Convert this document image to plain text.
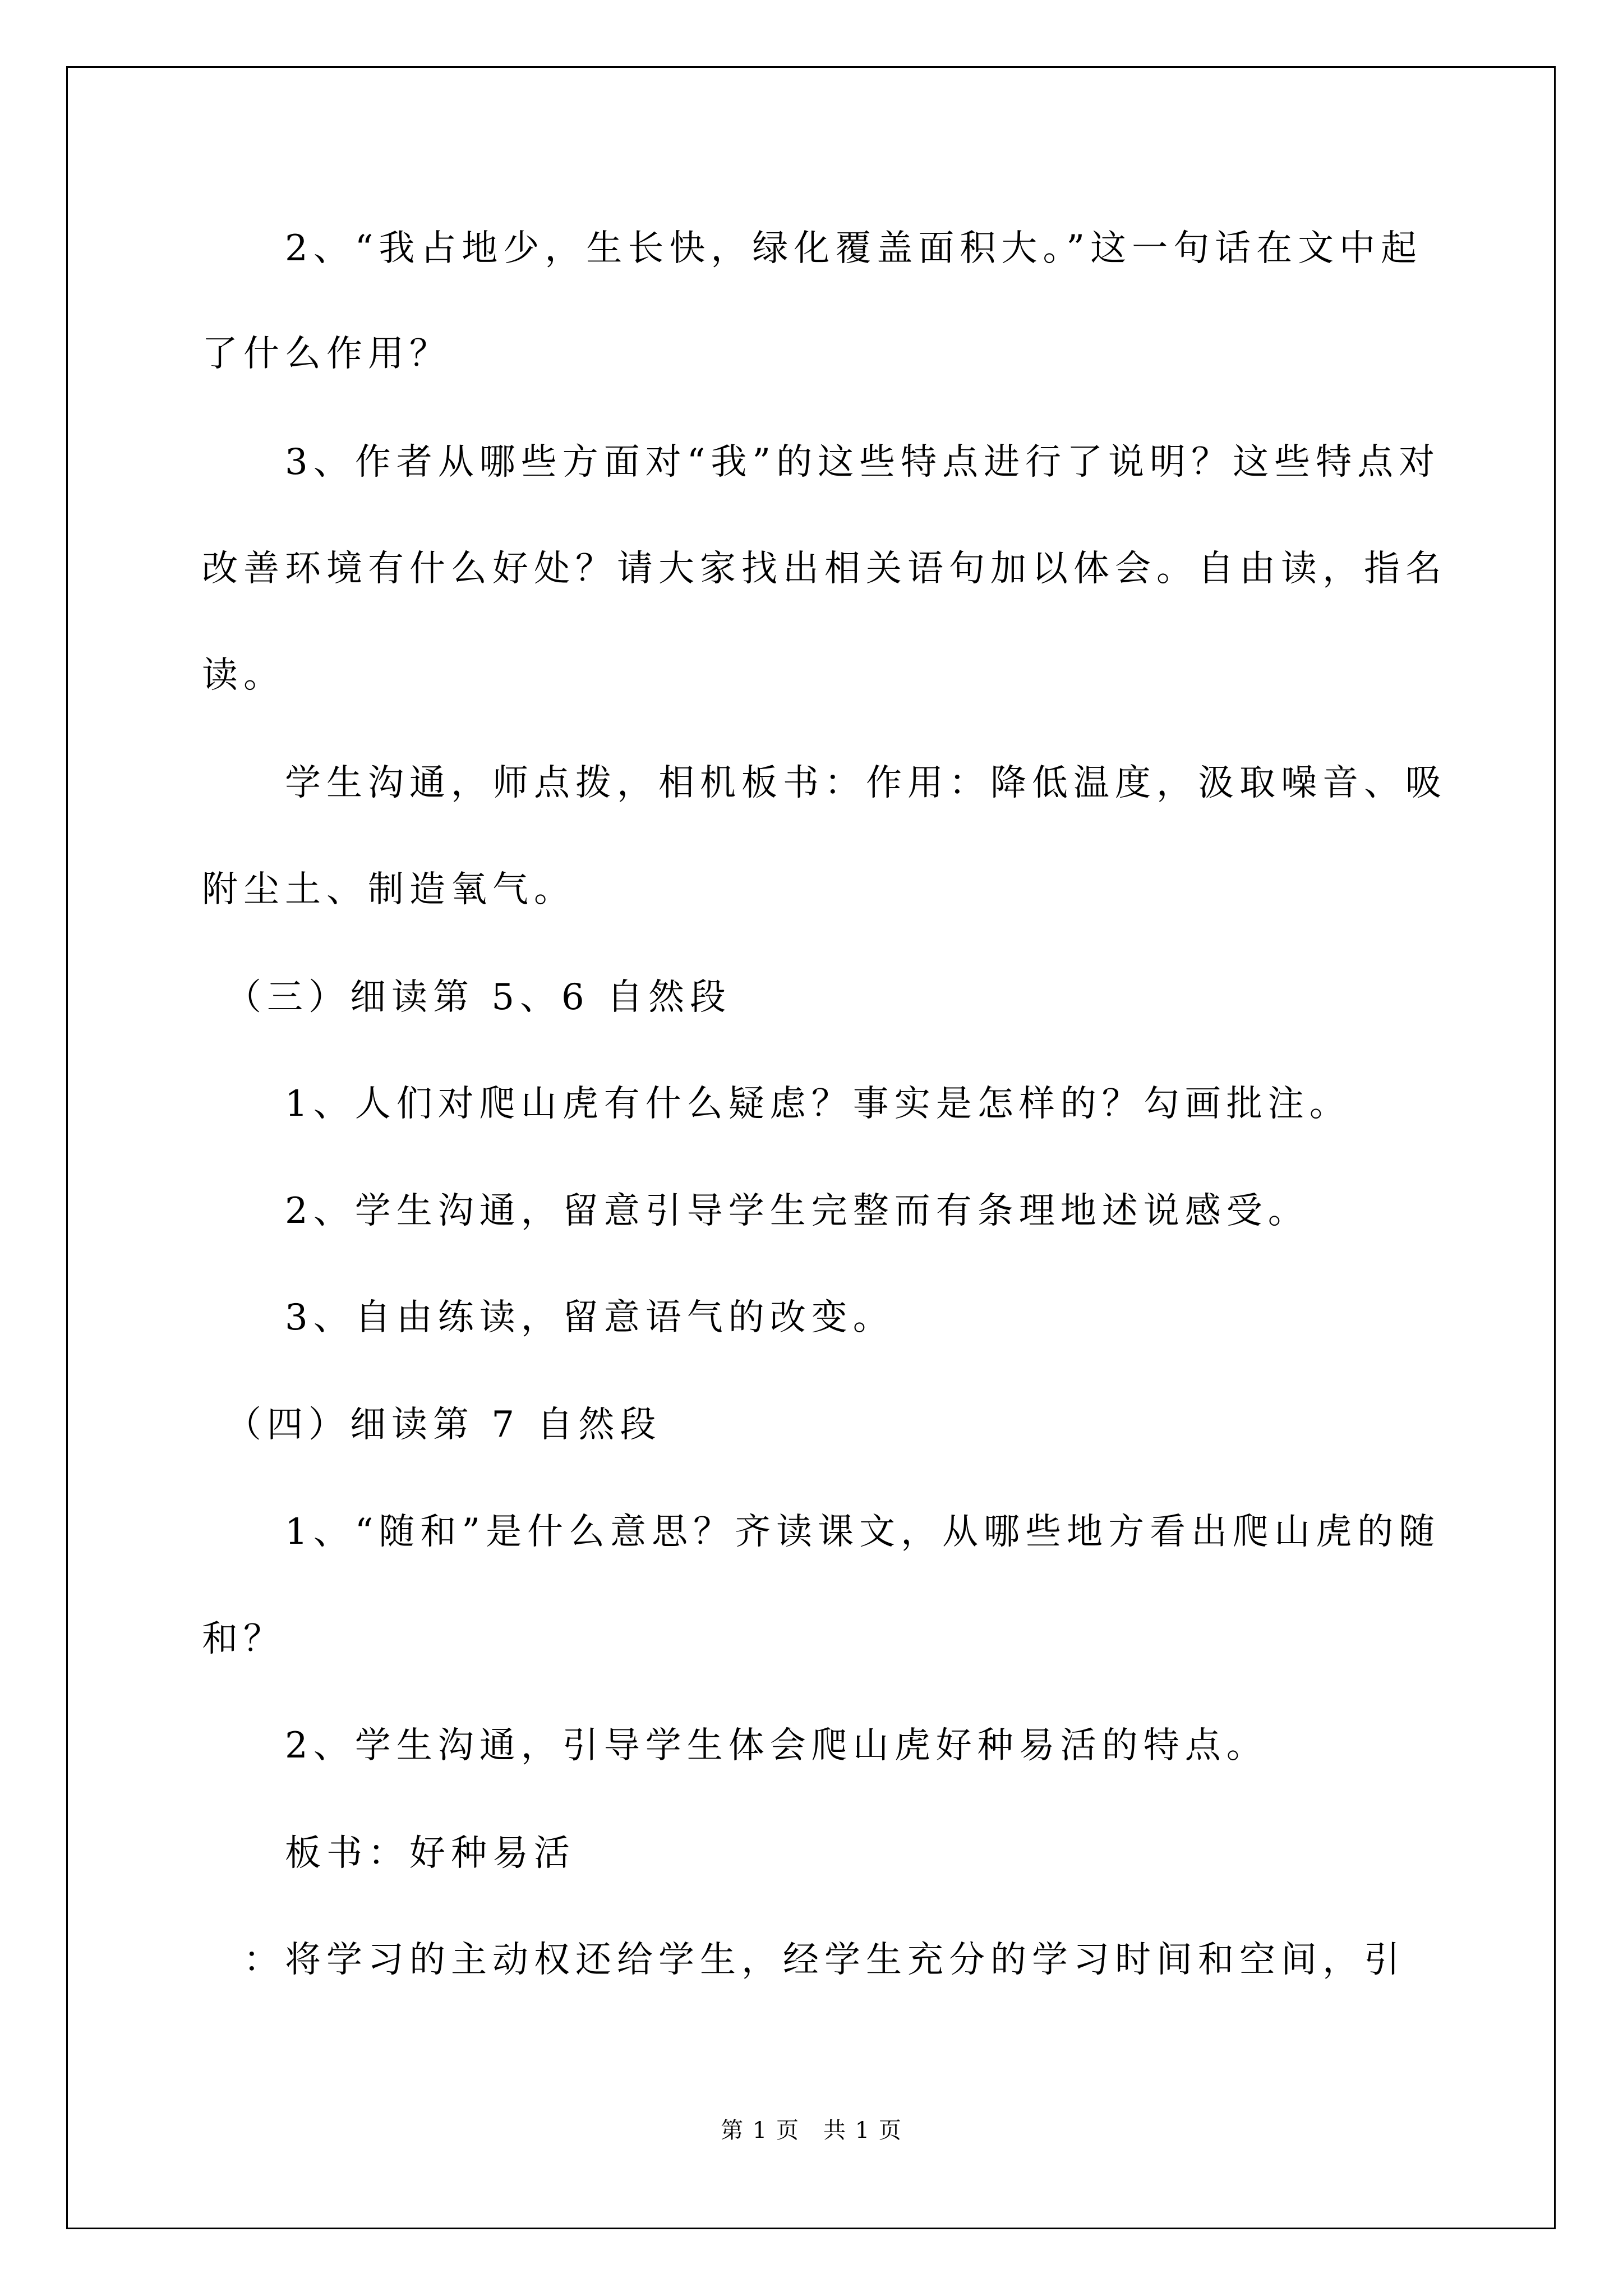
　　2、“我占地少，生长快，绿化覆盖面积大。”这一句话在文中起

了什么作用？

　　3、作者从哪些方面对“我”的这些特点进行了说明？这些特点对

改善环境有什么好处？请大家找出相关语句加以体会。自由读，指名

读。

　　学生沟通，师点拨，相机板书：作用：降低温度，汲取噪音、吸

附尘土、制造氧气。

　（三）细读第 5、6 自然段

　　1、人们对爬山虎有什么疑虑？事实是怎样的？勾画批注。

　　2、学生沟通，留意引导学生完整而有条理地述说感受。

　　3、自由练读，留意语气的改变。

　（四）细读第 7 自然段

　　1、“随和”是什么意思？齐读课文，从哪些地方看出爬山虎的随

和？

　　2、学生沟通，引导学生体会爬山虎好种易活的特点。

　　板书：好种易活

　：将学习的主动权还给学生，经学生充分的学习时间和空间，引

第 1 页　共 1 页
